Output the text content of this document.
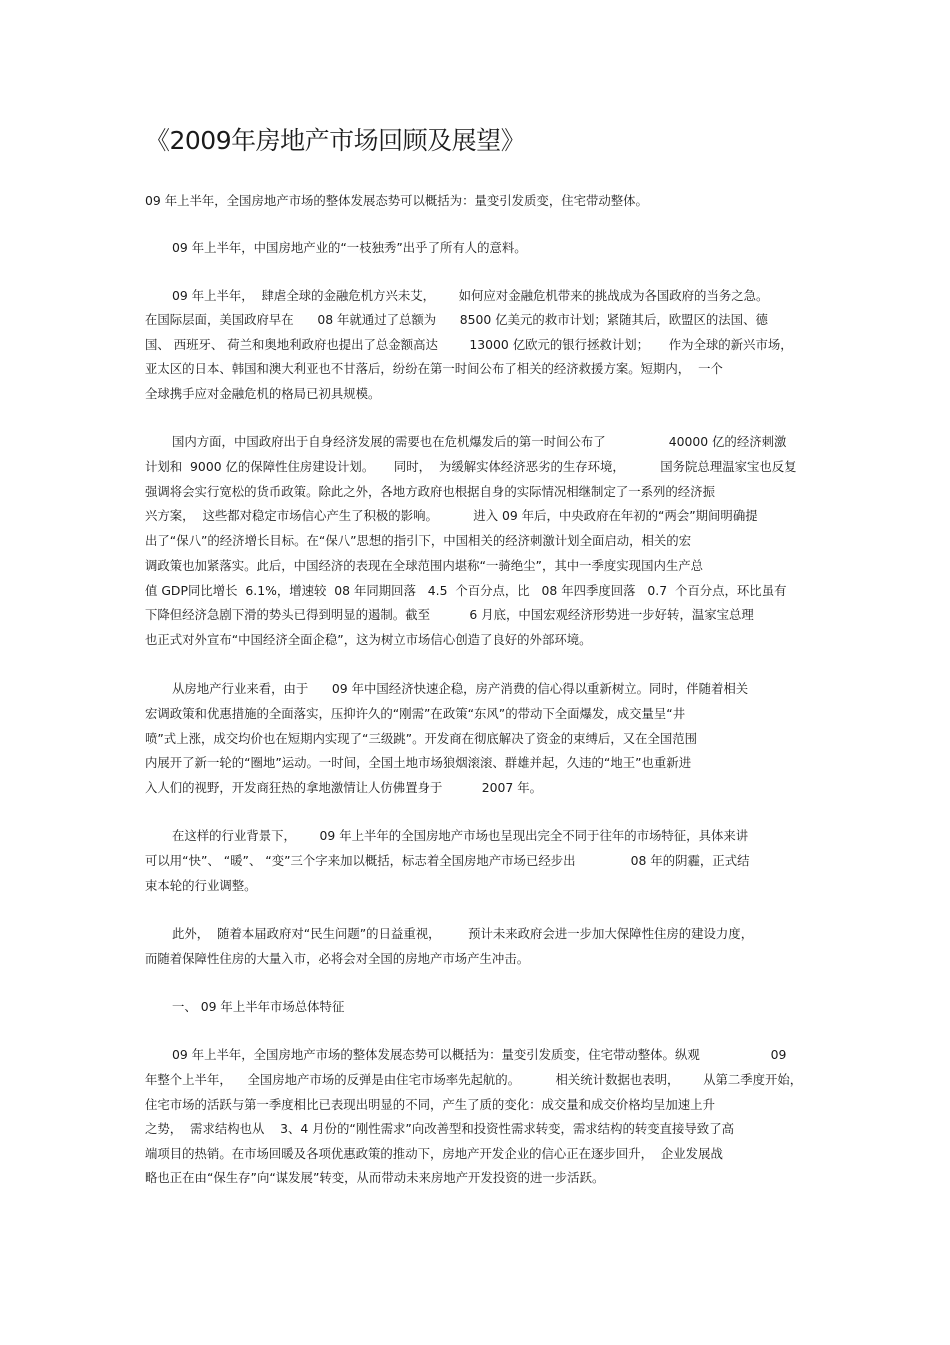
《2009年房地产市场回顾及展望》

09 年上半年，全国房地产市场的整体发展态势可以概括为：量变引发质变，住宅带动整体。

09 年上半年，中国房地产业的“一枝独秀”出乎了所有人的意料。

09 年上半年，  肆虐全球的金融危机方兴未艾，      如何应对金融危机带来的挑战成为各国政府的当务之急。

在国际层面，美国政府早在      08 年就通过了总额为      8500 亿美元的救市计划；紧随其后，欧盟区的法国、德

国、 西班牙、 荷兰和奥地利政府也提出了总金额高达        13000 亿欧元的银行拯救计划；     作为全球的新兴市场，

亚太区的日本、韩国和澳大利亚也不甘落后，纷纷在第一时间公布了相关的经济救援方案。短期内，  一个

全球携手应对金融危机的格局已初具规模。

国内方面，中国政府出于自身经济发展的需要也在危机爆发后的第一时间公布了                40000 亿的经济刺激

计划和  9000 亿的保障性住房建设计划。     同时，  为缓解实体经济恶劣的生存环境，         国务院总理温家宝也反复

强调将会实行宽松的货币政策。除此之外，各地方政府也根据自身的实际情况相继制定了一系列的经济振

兴方案，  这些都对稳定市场信心产生了积极的影响。         进入 09 年后，中央政府在年初的“两会”期间明确提

出了“保八”的经济增长目标。在“保八”思想的指引下，中国相关的经济刺激计划全面启动，相关的宏

调政策也加紧落实。此后，中国经济的表现在全球范围内堪称“一骑绝尘”，其中一季度实现国内生产总

值 GDP同比增长  6.1%，增速较  08 年同期回落   4.5  个百分点，比   08 年四季度回落   0.7  个百分点，环比虽有

下降但经济急剧下滑的势头已得到明显的遏制。截至          6 月底，中国宏观经济形势进一步好转，温家宝总理

也正式对外宣布“中国经济全面企稳”，这为树立市场信心创造了良好的外部环境。

从房地产行业来看，由于      09 年中国经济快速企稳，房产消费的信心得以重新树立。同时，伴随着相关

宏调政策和优惠措施的全面落实，压抑许久的“刚需”在政策“东风”的带动下全面爆发，成交量呈“井

喷”式上涨，成交均价也在短期内实现了“三级跳”。开发商在彻底解决了资金的束缚后，又在全国范围

内展开了新一轮的“圈地”运动。一时间，全国土地市场狼烟滚滚、群雄并起，久违的“地王”也重新进

入人们的视野，开发商狂热的拿地激情让人仿佛置身于          2007 年。

在这样的行业背景下，      09 年上半年的全国房地产市场也呈现出完全不同于往年的市场特征，具体来讲

可以用“快”、 “暖”、 “变”三个字来加以概括，标志着全国房地产市场已经步出              08 年的阴霾，正式结

束本轮的行业调整。

此外，  随着本届政府对“民生问题”的日益重视，       预计未来政府会进一步加大保障性住房的建设力度，

而随着保障性住房的大量入市，必将会对全国的房地产市场产生冲击。

一、 09 年上半年市场总体特征

09 年上半年，全国房地产市场的整体发展态势可以概括为：量变引发质变，住宅带动整体。纵观                  09

年整个上半年，    全国房地产市场的反弹是由住宅市场率先起航的。         相关统计数据也表明，      从第二季度开始，

住宅市场的活跃与第一季度相比已表现出明显的不同，产生了质的变化：成交量和成交价格均呈加速上升

之势，  需求结构也从    3、4 月份的“刚性需求”向改善型和投资性需求转变，需求结构的转变直接导致了高

端项目的热销。在市场回暖及各项优惠政策的推动下，房地产开发企业的信心正在逐步回升，  企业发展战

略也正在由“保生存”向“谋发展”转变，从而带动未来房地产开发投资的进一步活跃。
